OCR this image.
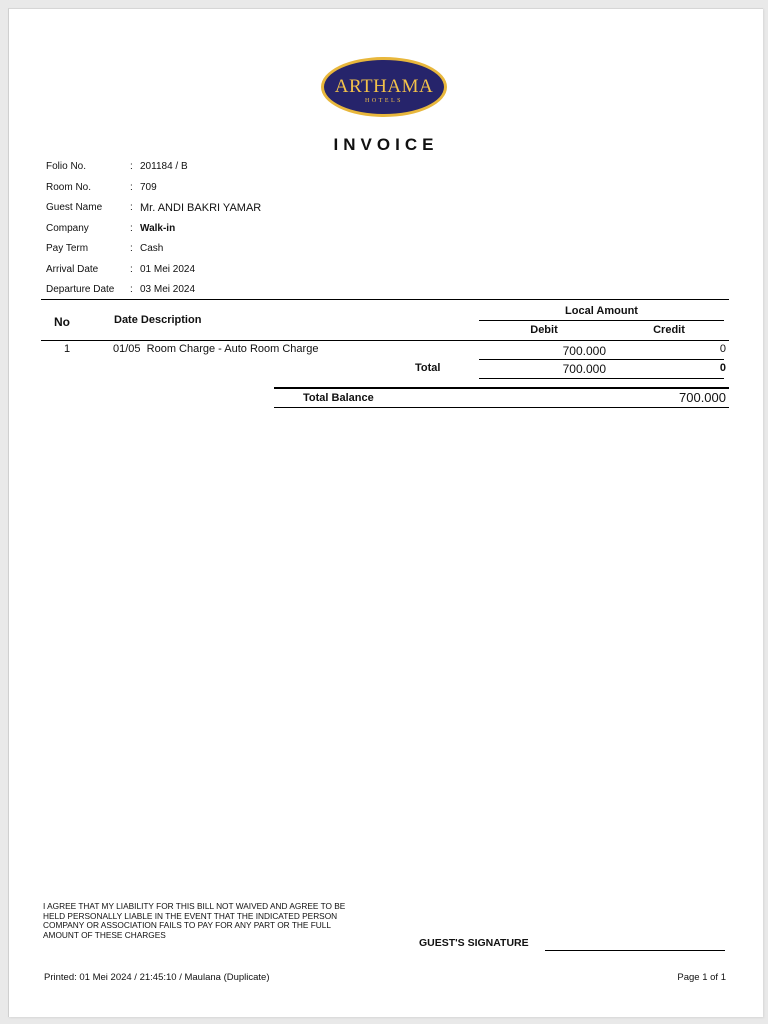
ARTHAMA
HOTELS
INVOICE
Folio No.	: 201184 / B
Room No.	: 709
Guest Name	: Mr. ANDI BAKRI YAMAR
Company	: Walk-in
Pay Term	: Cash
Arrival Date	: 01 Mei 2024
Departure Date : 03 Mei 2024
No	Date Description
Local Amount
Debit	Credit
1	01/05  Room Charge - Auto Room Charge	700.000	0
Total	700.000	0
Total Balance	700.000
I AGREE THAT MY LIABILITY FOR THIS BILL NOT WAIVED AND AGREE TO BE HELD PERSONALLY LIABLE IN THE EVENT THAT THE INDICATED PERSON COMPANY OR ASSOCIATION FAILS TO PAY FOR ANY PART OR THE FULL AMOUNT OF THESE CHARGES
GUEST'S SIGNATURE
Printed: 01 Mei 2024 / 21:45:10 / Maulana (Duplicate)	Page 1 of 1
